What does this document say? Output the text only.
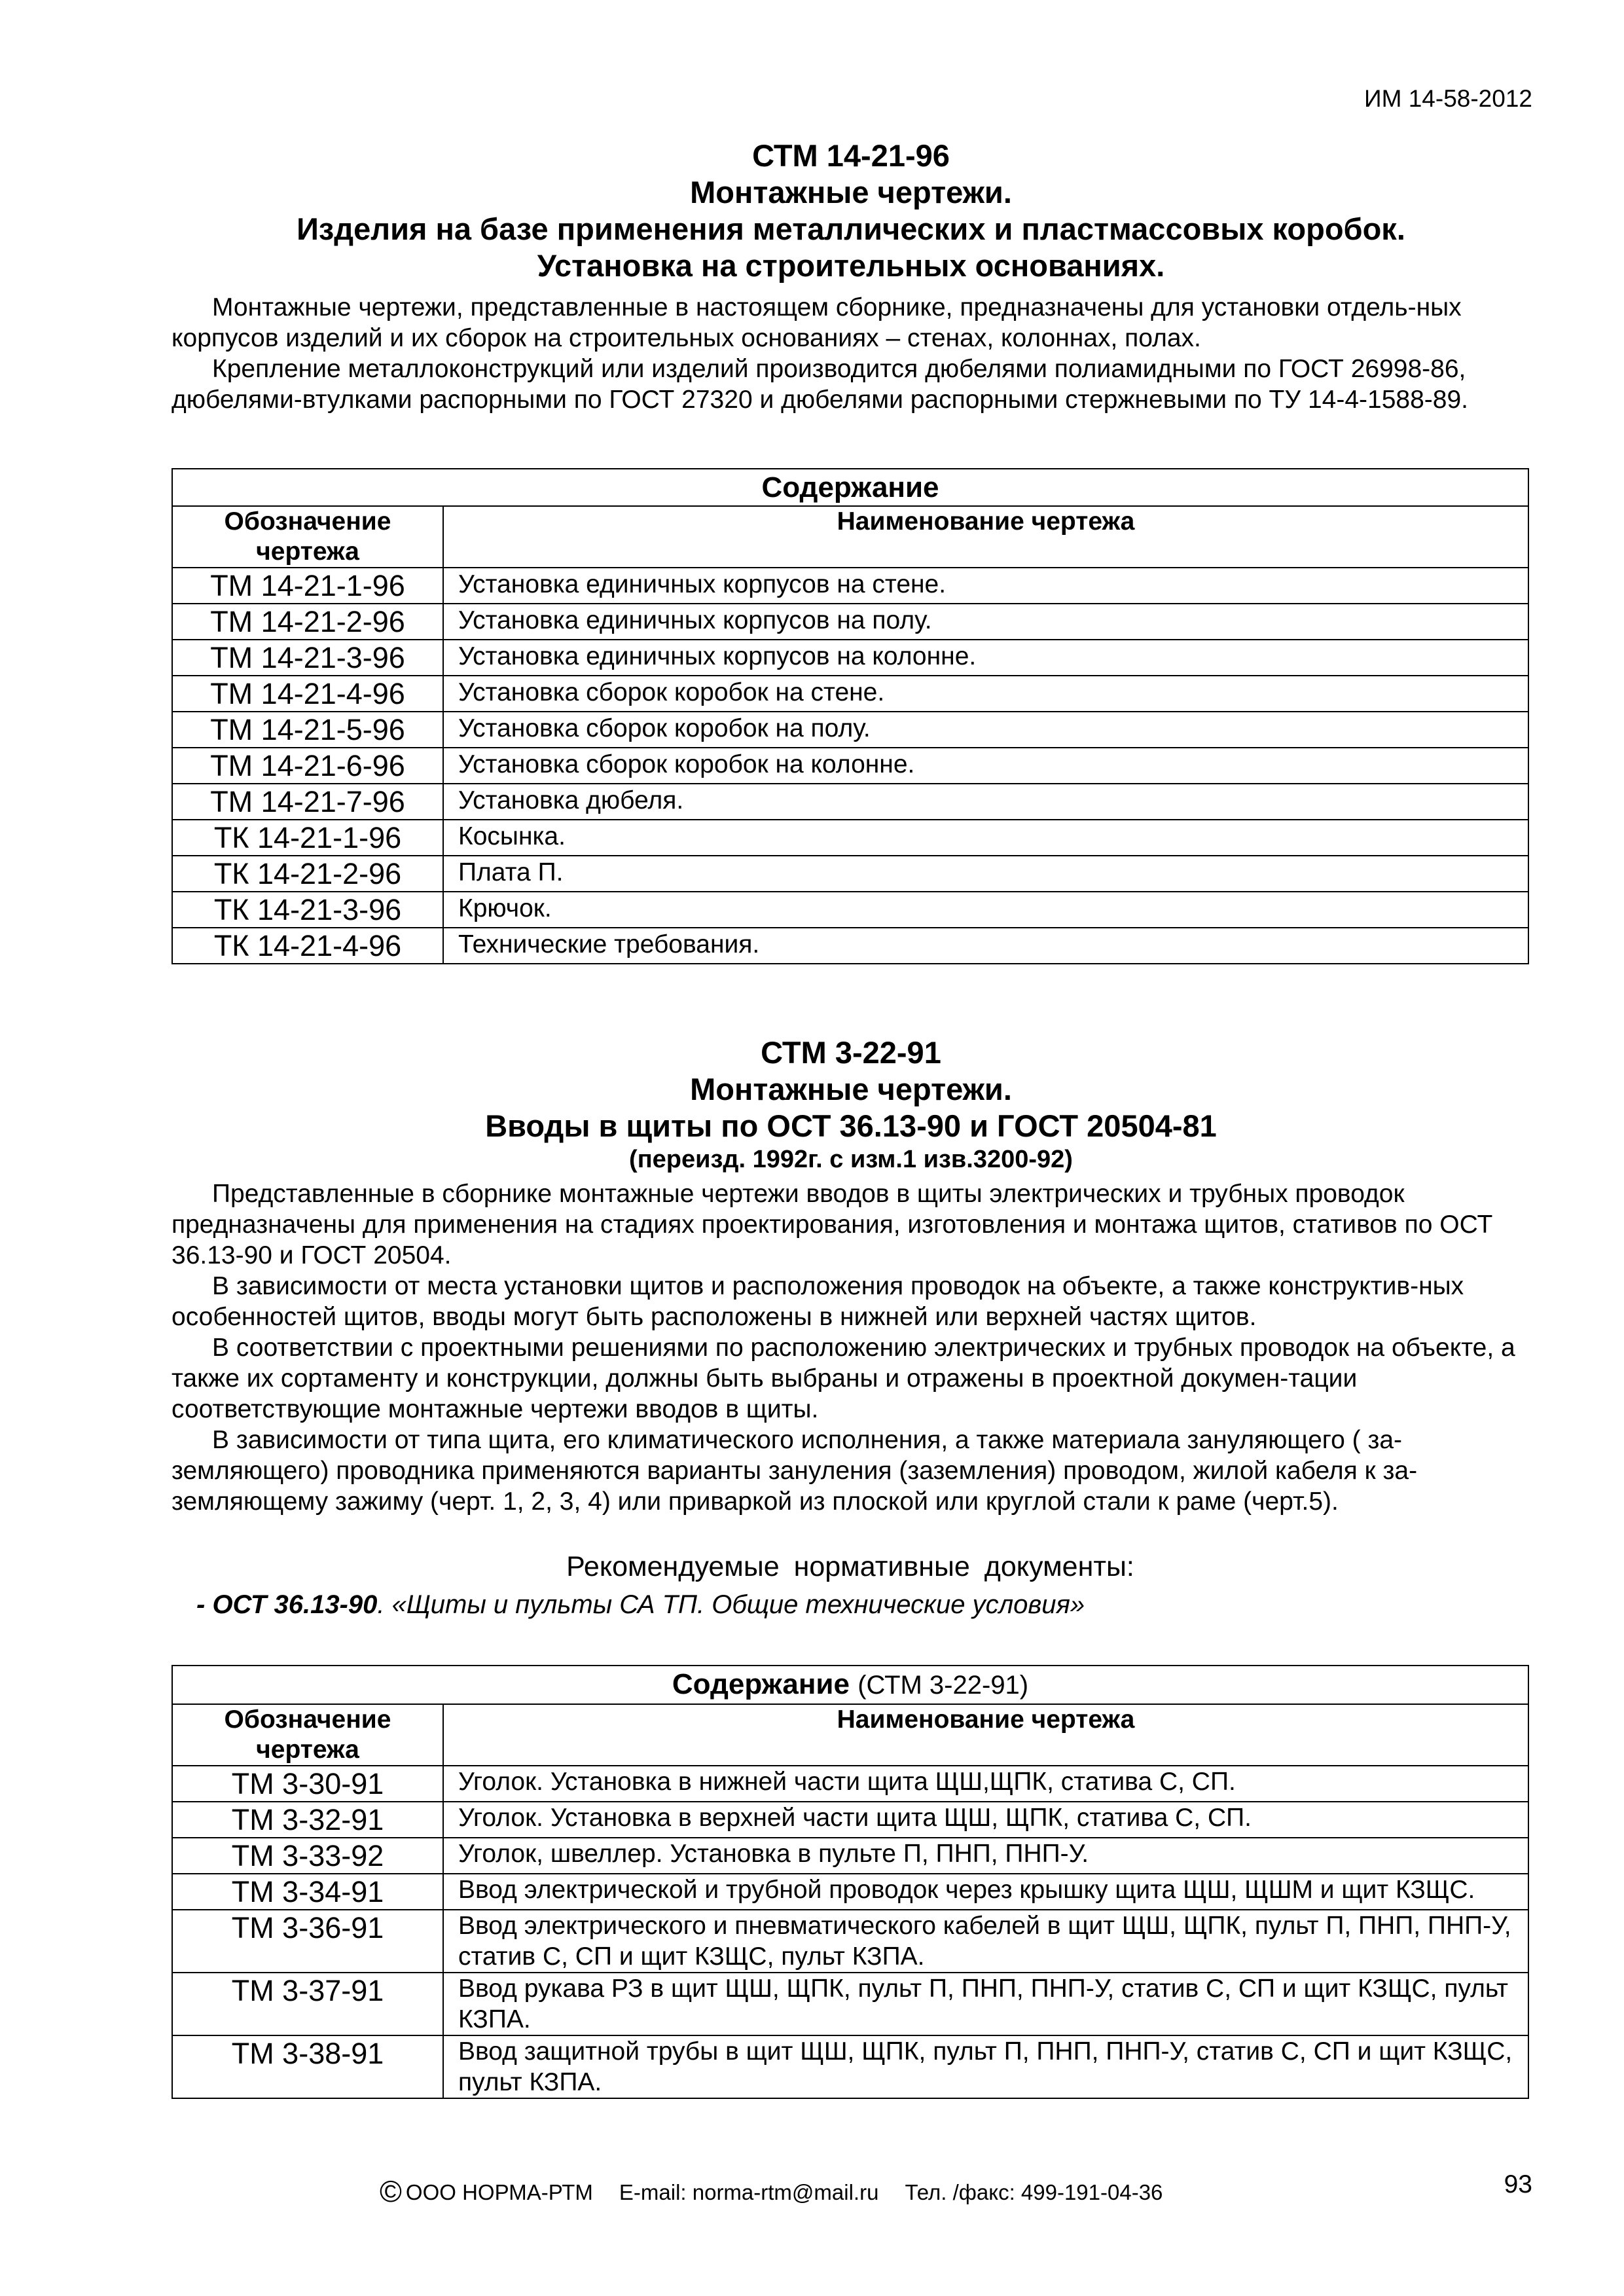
ИМ 14-58-2012
СТМ 14-21-96
Монтажные чертежи.
Изделия на базе применения металлических и пластмассовых коробок.
Установка на строительных основаниях.

Монтажные чертежи, представленные в настоящем сборнике, предназначены для установки отдель-ных корпусов изделий и их сборок на строительных основаниях – стенах, колоннах, полах.

Крепление металлоконструкций или изделий производится дюбелями полиамидными по ГОСТ 26998-86, дюбелями-втулками распорными по ГОСТ 27320 и дюбелями распорными стержневыми по ТУ 14-4-1588-89.

Содержание	
Обозначение чертежа	Наименование чертежа
ТМ 14-21-1-96	Установка единичных корпусов на стене.
ТМ 14-21-2-96	Установка единичных корпусов на полу.
ТМ 14-21-3-96	Установка единичных корпусов на колонне.
ТМ 14-21-4-96	Установка сборок коробок на стене.
ТМ 14-21-5-96	Установка сборок коробок на полу.
ТМ 14-21-6-96	Установка сборок коробок на колонне.
ТМ 14-21-7-96	Установка дюбеля.
ТК 14-21-1-96	Косынка.
ТК 14-21-2-96	Плата П.
ТК 14-21-3-96	Крючок.
ТК 14-21-4-96	Технические требования.
СТМ 3-22-91
Монтажные чертежи.
Вводы в щиты по ОСТ 36.13-90 и ГОСТ 20504-81
(переизд. 1992г. с изм.1 изв.3200-92)

Представленные в сборнике монтажные чертежи вводов в щиты электрических и трубных проводок предназначены для применения на стадиях проектирования, изготовления и монтажа щитов, стативов по ОСТ 36.13-90 и ГОСТ 20504.

В зависимости от места установки щитов и расположения проводок на объекте, а также конструктив-ных особенностей щитов, вводы могут быть расположены в нижней или верхней частях щитов.

В соответствии с проектными решениями по расположению электрических и трубных проводок на объекте, а также их сортаменту и конструкции, должны быть выбраны и отражены в проектной докумен-тации соответствующие монтажные чертежи вводов в щиты.

В зависимости от типа щита, его климатического исполнения, а также материала зануляющего ( за-земляющего) проводника применяются варианты зануления (заземления) проводом, жилой кабеля к за-земляющему зажиму (черт. 1, 2, 3, 4) или приваркой из плоской или круглой стали к раме (черт.5).

Рекомендуемые нормативные документы:
- ОСТ 36.13-90. «Щиты и пульты СА ТП. Общие технические условия»
Содержание (СТМ 3-22-91)	
Обозначение чертежа	Наименование чертежа
ТМ 3-30-91	Уголок. Установка в нижней части щита ЩШ,ЩПК, статива С, СП.
ТМ 3-32-91	Уголок. Установка в верхней части щита ЩШ, ЩПК, статива С, СП.
ТМ 3-33-92	Уголок, швеллер. Установка в пульте П, ПНП, ПНП-У.
ТМ 3-34-91	Ввод электрической и трубной проводок через крышку щита ЩШ, ЩШМ и щит КЗЩС.
ТМ 3-36-91	Ввод электрического и пневматического кабелей в щит ЩШ, ЩПК, пульт П, ПНП, ПНП-У, статив С, СП и щит КЗЩС, пульт КЗПА.
ТМ 3-37-91	Ввод рукава РЗ в щит ЩШ, ЩПК, пульт П, ПНП, ПНП-У, статив С, СП и щит КЗЩС, пульт КЗПА.
ТМ 3-38-91	Ввод защитной трубы в щит ЩШ, ЩПК, пульт П, ПНП, ПНП-У, статив С, СП и щит КЗЩС, пульт КЗПА.
© ООО НОРМА-РТМ E-mail: norma-rtm@mail.ru Тел. /факс: 499-191-04-36	93
